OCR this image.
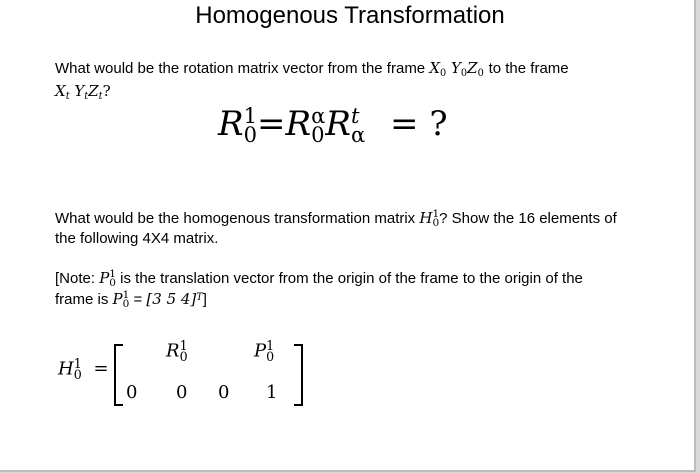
Homogenous Transformation
What would be the rotation matrix vector from the frame $X_0$ $Y_0Z_0$ to the frame
$X_t$ $Y_tZ_t$?
R 1
0 =R α
0 R t
α = ?
What would be the homogenous transformation matrix H 1
0 ? Show the 16 elements of
the following 4X4 matrix.
[Note: P 1
0 is the translation vector from the origin of the frame to the origin of the
frame is P 1
0 = [3 5 4]$^T$]
H 1
0 =
R 1
0	P 1
0
0 0 0 1
